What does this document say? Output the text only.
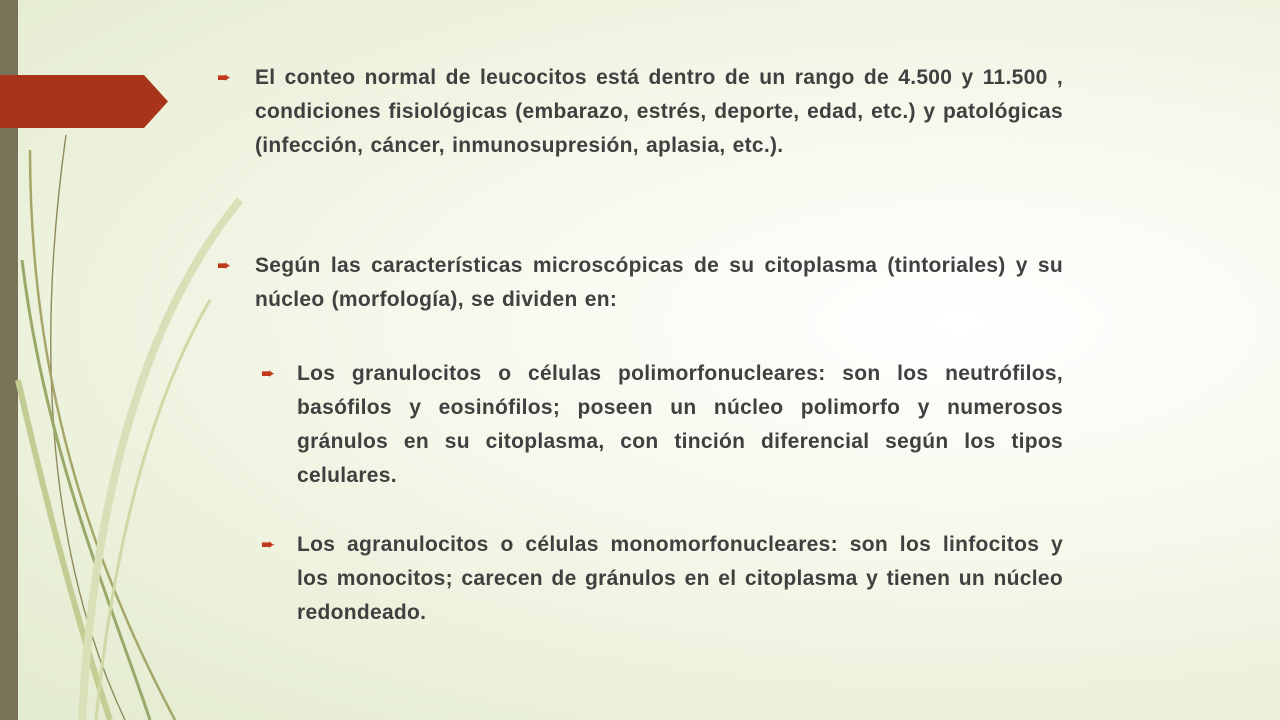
➨ El conteo normal de leucocitos está dentro de un rango de 4.500 y 11.500 , condiciones fisiológicas (embarazo, estrés, deporte, edad, etc.) y patológicas (infección, cáncer, inmunosupresión, aplasia, etc.).

➨ Según las características microscópicas de su citoplasma (tintoriales) y su núcleo (morfología), se dividen en:

➨ Los granulocitos o células polimorfonucleares: son los neutrófilos, basófilos y eosinófilos; poseen un núcleo polimorfo y numerosos gránulos en su citoplasma, con tinción diferencial según los tipos celulares.

➨ Los agranulocitos o células monomorfonucleares: son los linfocitos y los monocitos; carecen de gránulos en el citoplasma y tienen un núcleo redondeado.
